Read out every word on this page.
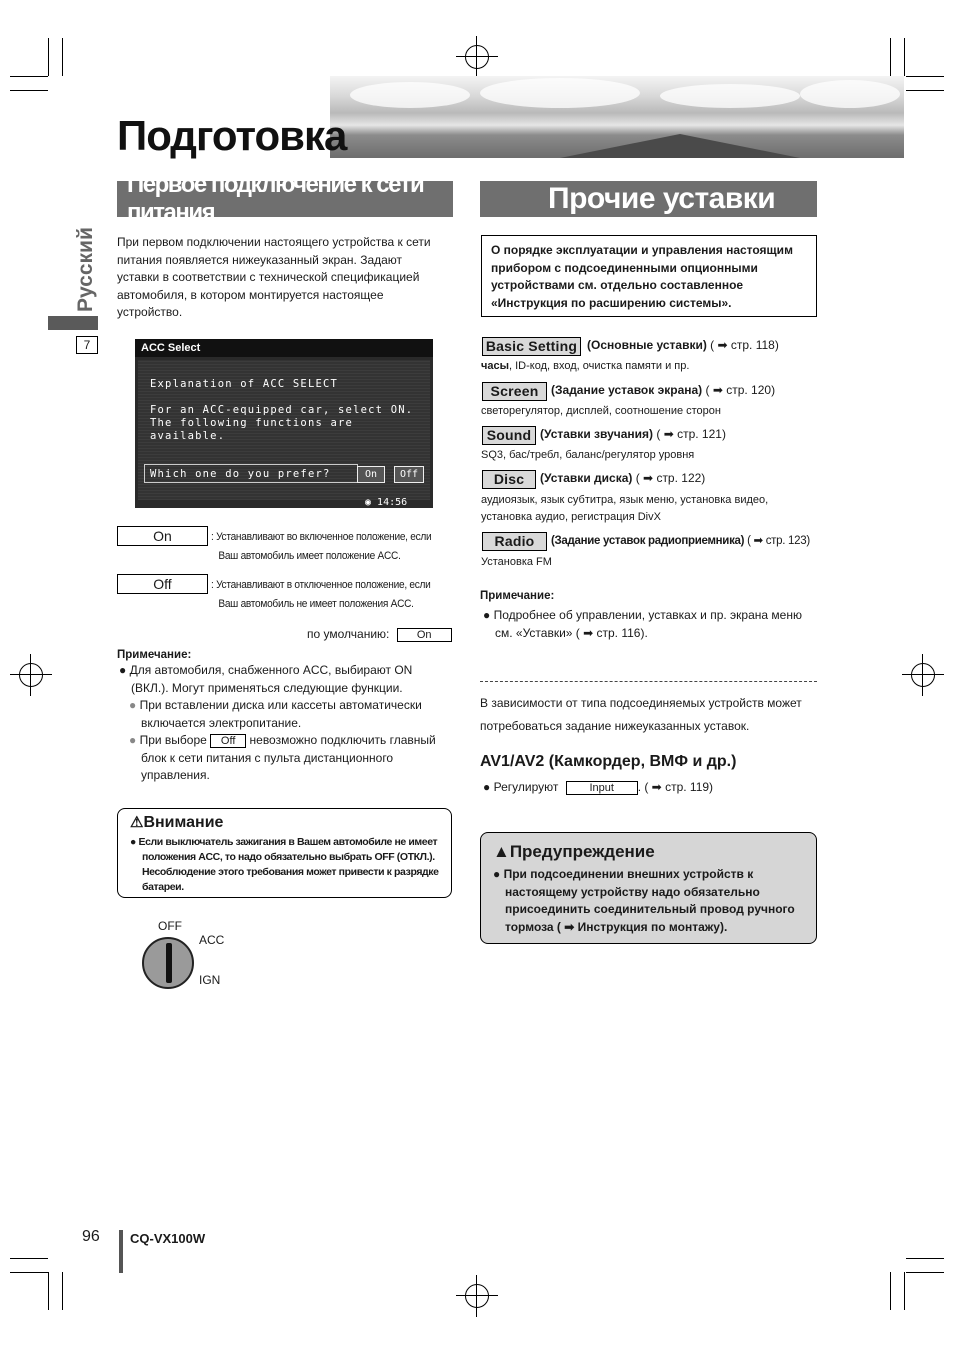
Подготовка
Первое подключение к сети питания	Прочие уставки
Русский
7
При первом подключении настоящего устройства к сети
питания появляется нижеуказанный экран. Задают
уставки в соответствии с технической спецификацией
автомобиля, в котором монтируется настоящее
устройство.
ACC Select
Explanation of ACC SELECT
For an ACC-equipped car, select ON.
The following functions are
available.
Which one do you prefer?	On	Off
◉ 14:56
On	: Устанавливают во включенное положение, если
Ваш автомобиль имеет положение ACC.
Off	: Устанавливают в отключенное положение, если
Ваш автомобиль не имеет положения ACC.
по умолчанию:	On
Примечание:
● Для автомобиля, снабженного ACC, выбирают ON
(ВКЛ.). Могут применяться следующие функции.
● При вставлении диска или кассеты автоматически
включается электропитание.
● При выборе Off невозможно подключить главный
блок к сети питания с пульта дистанционного
управления.
⚠Внимание
● Если выключатель зажигания в Вашем автомобиле не имеет
положения ACC, то надо обязательно выбрать OFF (ОТКЛ.).
Несоблюдение этого требования может привести к разрядке
батареи.
OFF
ACC
IGN
О порядке эксплуатации и управления настоящим
прибором с подсоединенными опционными
устройствами см. отдельно составленное
«Инструкция по расширению системы».
Basic Setting (Основные уставки) ( ➡ стр. 118)
часы, ID-код, вход, очистка памяти и пр.
Screen	(Задание уставок экрана) ( ➡ стр. 120)
светорегулятор, дисплей, соотношение сторон
Sound (Уставки звучания) ( ➡ стр. 121)
SQ3, бас/требл, баланс/регулятор уровня
Disc	(Уставки диска) ( ➡ стр. 122)
аудиоязык, язык субтитра, язык меню, установка видео,
установка аудио, регистрация DivX
Radio	(Задание уставок радиоприемника) ( ➡ стр. 123)
Установка FM
Примечание:
● Подробнее об управлении, уставках и пр. экрана меню
см. «Уставки» ( ➡ стр. 116).
В зависимости от типа подсоединяемых устройств может
потребоваться задание нижеуказанных уставок.
AV1/AV2 (Камкордер, ВМФ и др.)
● Регулируют	Input . ( ➡ стр. 119)
▲Предупреждение
● При подсоединении внешних устройств к
настоящему устройству надо обязательно
присоединить соединительный провод ручного
тормоза ( ➡ Инструкция по монтажу).
96 CQ-VX100W
